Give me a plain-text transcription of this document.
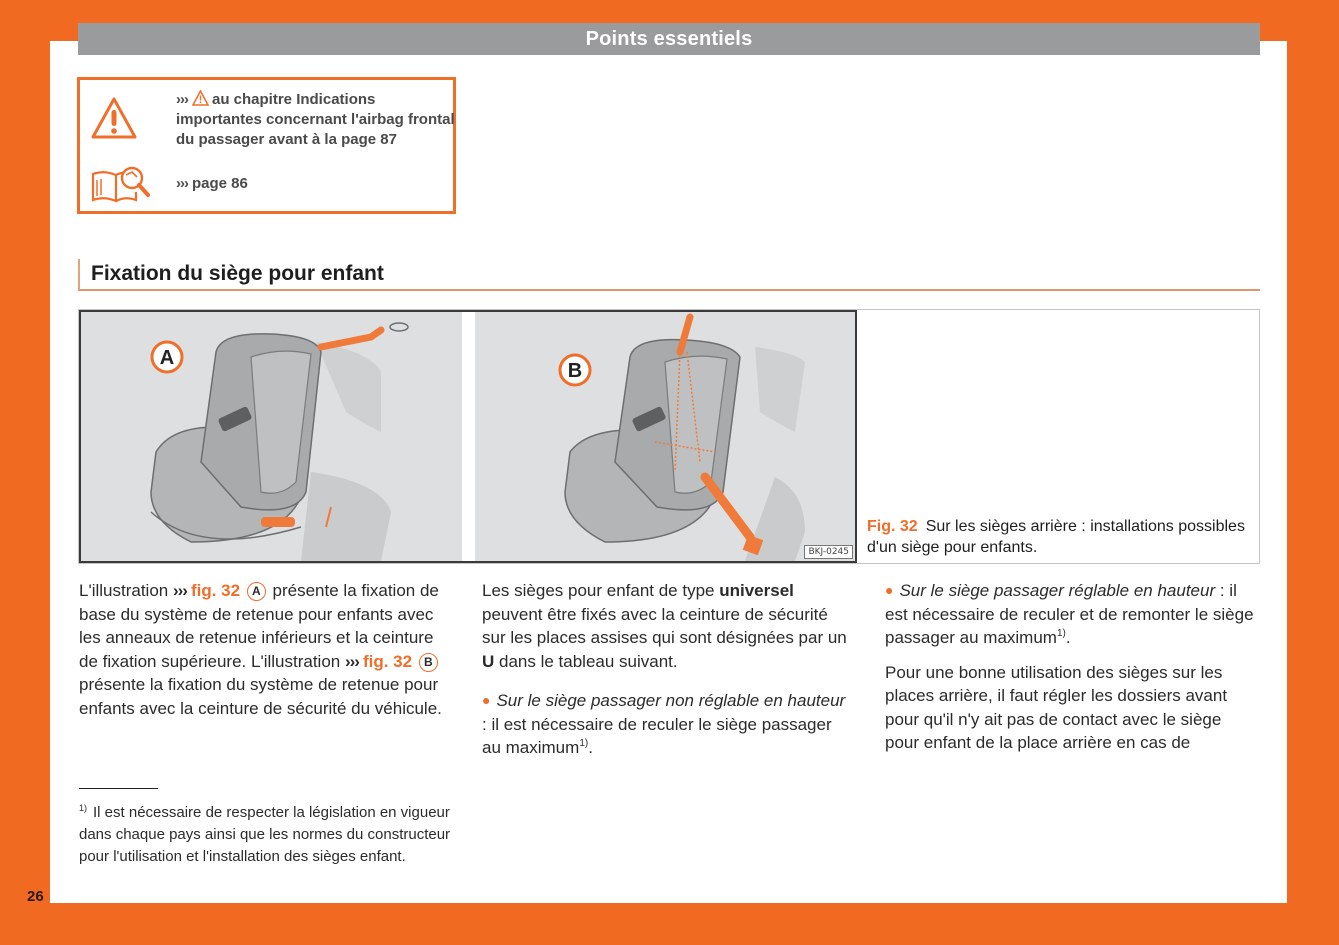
Points essentiels
››› au chapitre Indications importantes concernant l'airbag frontal du passager avant à la page 87
››› page 86
Fixation du siège pour enfant
A
B
BKJ-0245
Fig. 32 Sur les sièges arrière : installations possibles d'un siège pour enfants.

L'illustration ››› fig. 32 A présente la fixation de base du système de retenue pour enfants avec les anneaux de retenue inférieurs et la ceinture de fixation supérieure. L'illustration ››› fig. 32 B présente la fixation du système de retenue pour enfants avec la ceinture de sécurité du véhicule.

Les sièges pour enfant de type universel peuvent être fixés avec la ceinture de sécurité sur les places assises qui sont désignées par un U dans le tableau suivant.

● Sur le siège passager non réglable en hauteur : il est nécessaire de reculer le siège passager au maximum$^{1)}$.

● Sur le siège passager réglable en hauteur : il est nécessaire de reculer et de remonter le siège passager au maximum$^{1)}$.

Pour une bonne utilisation des sièges sur les places arrière, il faut régler les dossiers avant pour qu'il n'y ait pas de contact avec le siège pour enfant de la place arrière en cas de

$^{1)}$ Il est nécessaire de respecter la législation en vigueur dans chaque pays ainsi que les normes du constructeur pour l'utilisation et l'installation des sièges enfant.
26
